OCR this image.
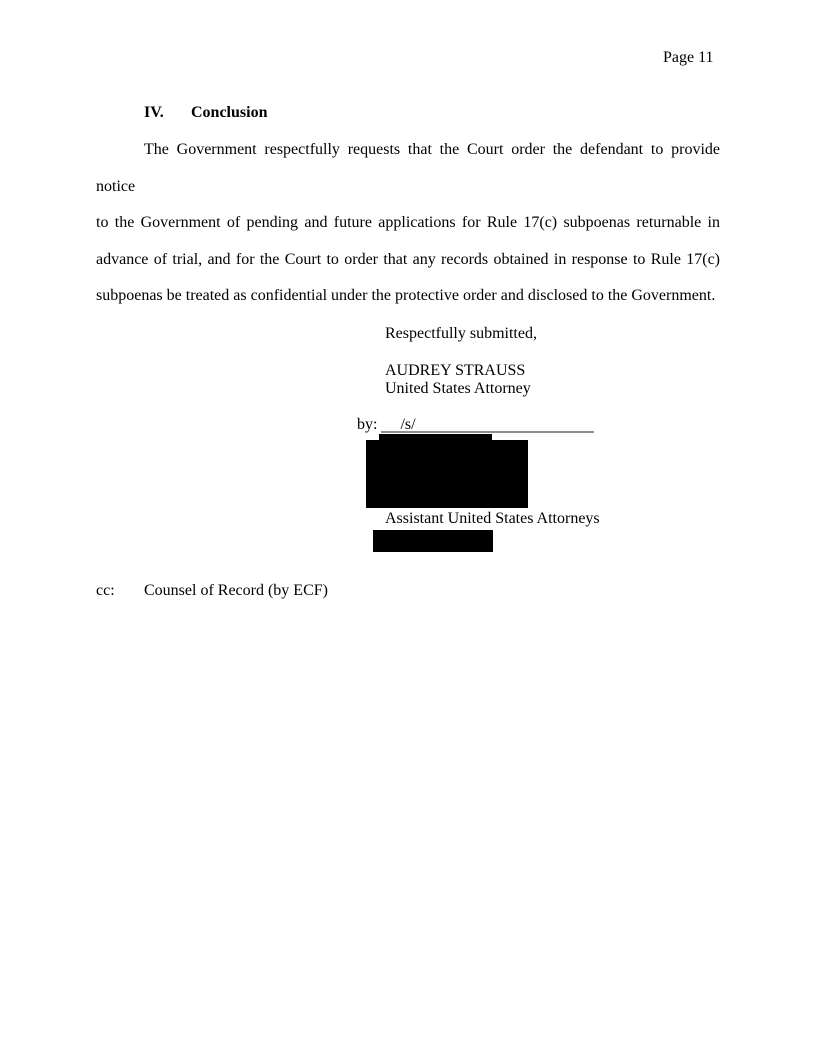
Page 11
IV. Conclusion
The Government respectfully requests that the Court order the defendant to provide notice
to the Government of pending and future applications for Rule 17(c) subpoenas returnable in
advance of trial, and for the Court to order that any records obtained in response to Rule 17(c)
subpoenas be treated as confidential under the protective order and disclosed to the Government.
Respectfully submitted,
AUDREY STRAUSS
United States Attorney
by: /s/
Assistant United States Attorneys
cc: Counsel of Record (by ECF)
